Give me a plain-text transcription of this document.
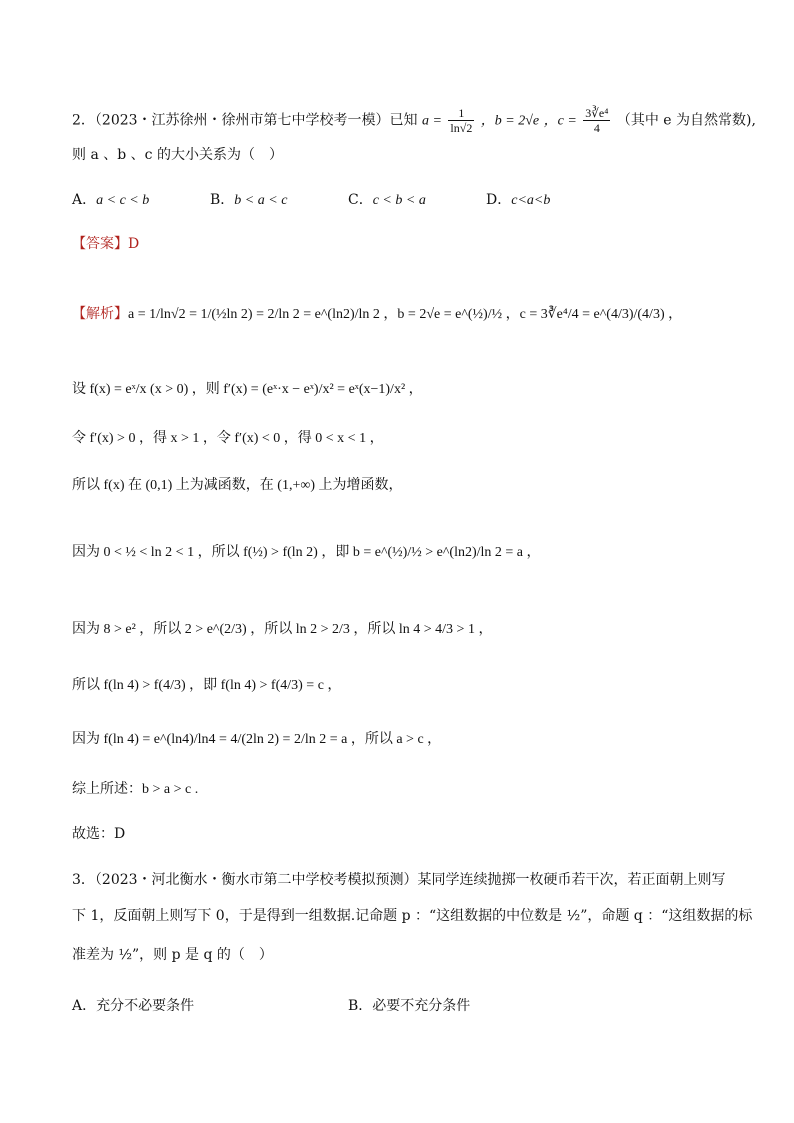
2．（2023・江苏徐州・徐州市第七中学校考一模）已知 $a = \frac{1}{\ln√2}$ ，b = 2√e ，$c = \frac{\text{3∛e⁴}}{4}$ （其中 e 为自然常数),
则 a 、b 、c 的大小关系为（　）
A．a < c < b	B．b < a < c	C．c < b < a	D．c<a<b
【答案】D
【解析】a = 1/ln√2 = 1/(½ln 2) = 2/ln 2 = e^(ln2)/ln 2 ，b = 2√e = e^(½)/½ ，c = 3∛e⁴/4 = e^(4/3)/(4/3) ，
设 f(x) = eˣ/x (x > 0) ，则 f′(x) = (eˣ·x − eˣ)/x² = eˣ(x−1)/x² ，
令 f′(x) > 0 ，得 x > 1 ，令 f′(x) < 0 ，得 0 < x < 1 ，
所以 f(x) 在 (0,1) 上为减函数，在 (1,+∞) 上为增函数，
因为 0 < ½ < ln 2 < 1 ，所以 f(½) > f(ln 2) ，即 b = e^(½)/½ > e^(ln2)/ln 2 = a ，
因为 8 > e² ，所以 2 > e^(2/3) ，所以 ln 2 > 2/3 ，所以 ln 4 > 4/3 > 1 ，
所以 f(ln 4) > f(4/3) ，即 f(ln 4) > f(4/3) = c ，
因为 f(ln 4) = e^(ln4)/ln4 = 4/(2ln 2) = 2/ln 2 = a ，所以 a > c ，
综上所述：b > a > c .
故选：D
3．（2023・河北衡水・衡水市第二中学校考模拟预测）某同学连续抛掷一枚硬币若干次，若正面朝上则写
下 1，反面朝上则写下 0，于是得到一组数据.记命题 p ：“这组数据的中位数是 ½”，命题 q ：“这组数据的标
准差为 ½”，则 p 是 q 的（　）
A．充分不必要条件	B．必要不充分条件
